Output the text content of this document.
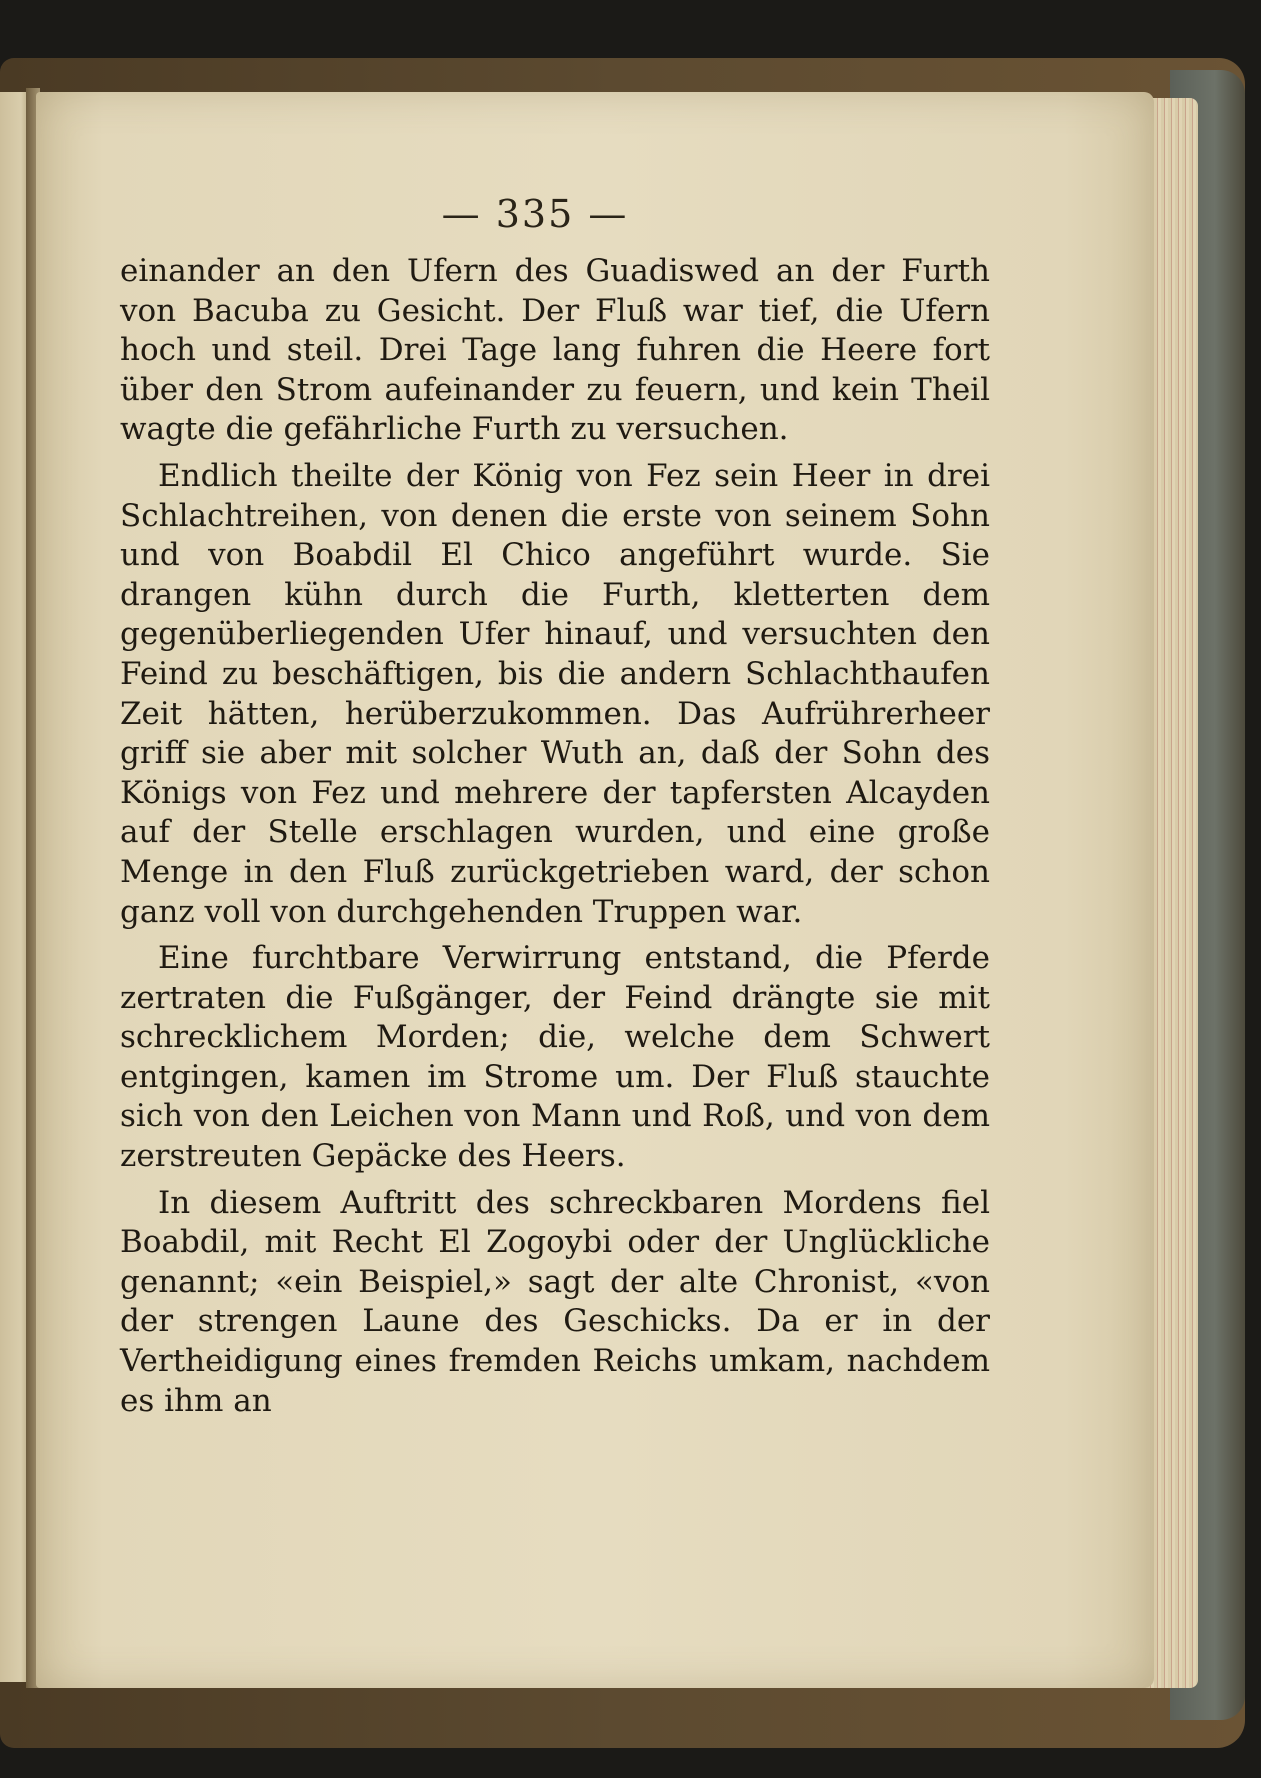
— 335 —

einander an den Ufern des Guadiswed an der Furth von Bacuba zu Gesicht. Der Fluß war tief, die Ufern hoch und steil. Drei Tage lang fuhren die Heere fort über den Strom aufeinander zu feuern, und kein Theil wagte die gefährliche Furth zu versuchen.

Endlich theilte der König von Fez sein Heer in drei Schlachtreihen, von denen die erste von seinem Sohn und von Boabdil El Chico angeführt wurde. Sie drangen kühn durch die Furth, kletterten dem gegenüberliegenden Ufer hinauf, und versuchten den Feind zu beschäftigen, bis die andern Schlachthaufen Zeit hätten, herüberzukommen. Das Aufrührerheer griff sie aber mit solcher Wuth an, daß der Sohn des Königs von Fez und mehrere der tapfersten Alcayden auf der Stelle erschlagen wurden, und eine große Menge in den Fluß zurückgetrieben ward, der schon ganz voll von durchgehenden Truppen war.

Eine furchtbare Verwirrung entstand, die Pferde zertraten die Fußgänger, der Feind drängte sie mit schrecklichem Morden; die, welche dem Schwert entgingen, kamen im Strome um. Der Fluß stauchte sich von den Leichen von Mann und Roß, und von dem zerstreuten Gepäcke des Heers.

In diesem Auftritt des schreckbaren Mordens fiel Boabdil, mit Recht El Zogoybi oder der Unglückliche genannt; «ein Beispiel,» sagt der alte Chronist, «von der strengen Laune des Geschicks. Da er in der Vertheidigung eines fremden Reichs umkam, nachdem es ihm an
